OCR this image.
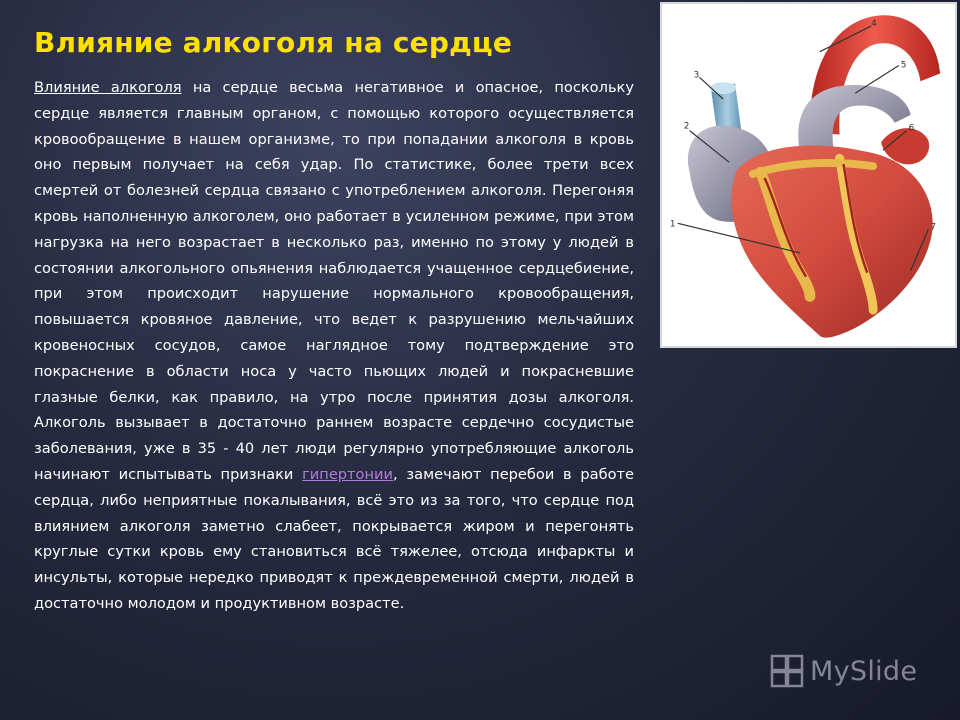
Влияние алкоголя на сердце

Влияние алкоголя на сердце весьма негативное и опасное, поскольку сердце является главным органом, с помощью которого осуществляется кровообращение в нашем организме, то при попадании алкоголя в кровь оно первым получает на себя удар. По статистике, более трети всех смертей от болезней сердца связано с употреблением алкоголя. Перегоняя кровь наполненную алкоголем, оно работает в усиленном режиме, при этом нагрузка на него возрастает в несколько раз, именно по этому у людей в состоянии алкогольного опьянения наблюдается учащенное сердцебиение, при этом происходит нарушение нормального кровообращения, повышается кровяное давление, что ведет к разрушению мельчайших кровеносных сосудов, самое наглядное тому подтверждение это покраснение в области носа у часто пьющих людей и покрасневшие глазные белки, как правило, на утро после принятия дозы алкоголя. Алкоголь вызывает в достаточно раннем возрасте сердечно сосудистые заболевания, уже в 35 - 40 лет люди регулярно употребляющие алкоголь начинают испытывать признаки гипертонии, замечают перебои в работе сердца, либо неприятные покалывания, всё это из за того, что сердце под влиянием алкоголя заметно слабеет, покрывается жиром и перегонять круглые сутки кровь ему становиться всё тяжелее, отсюда инфаркты и инсульты, которые нередко приводят к преждевременной смерти, людей в достаточно молодом и продуктивном возрасте.

1
2
3
4
5
6
7
MySlide
